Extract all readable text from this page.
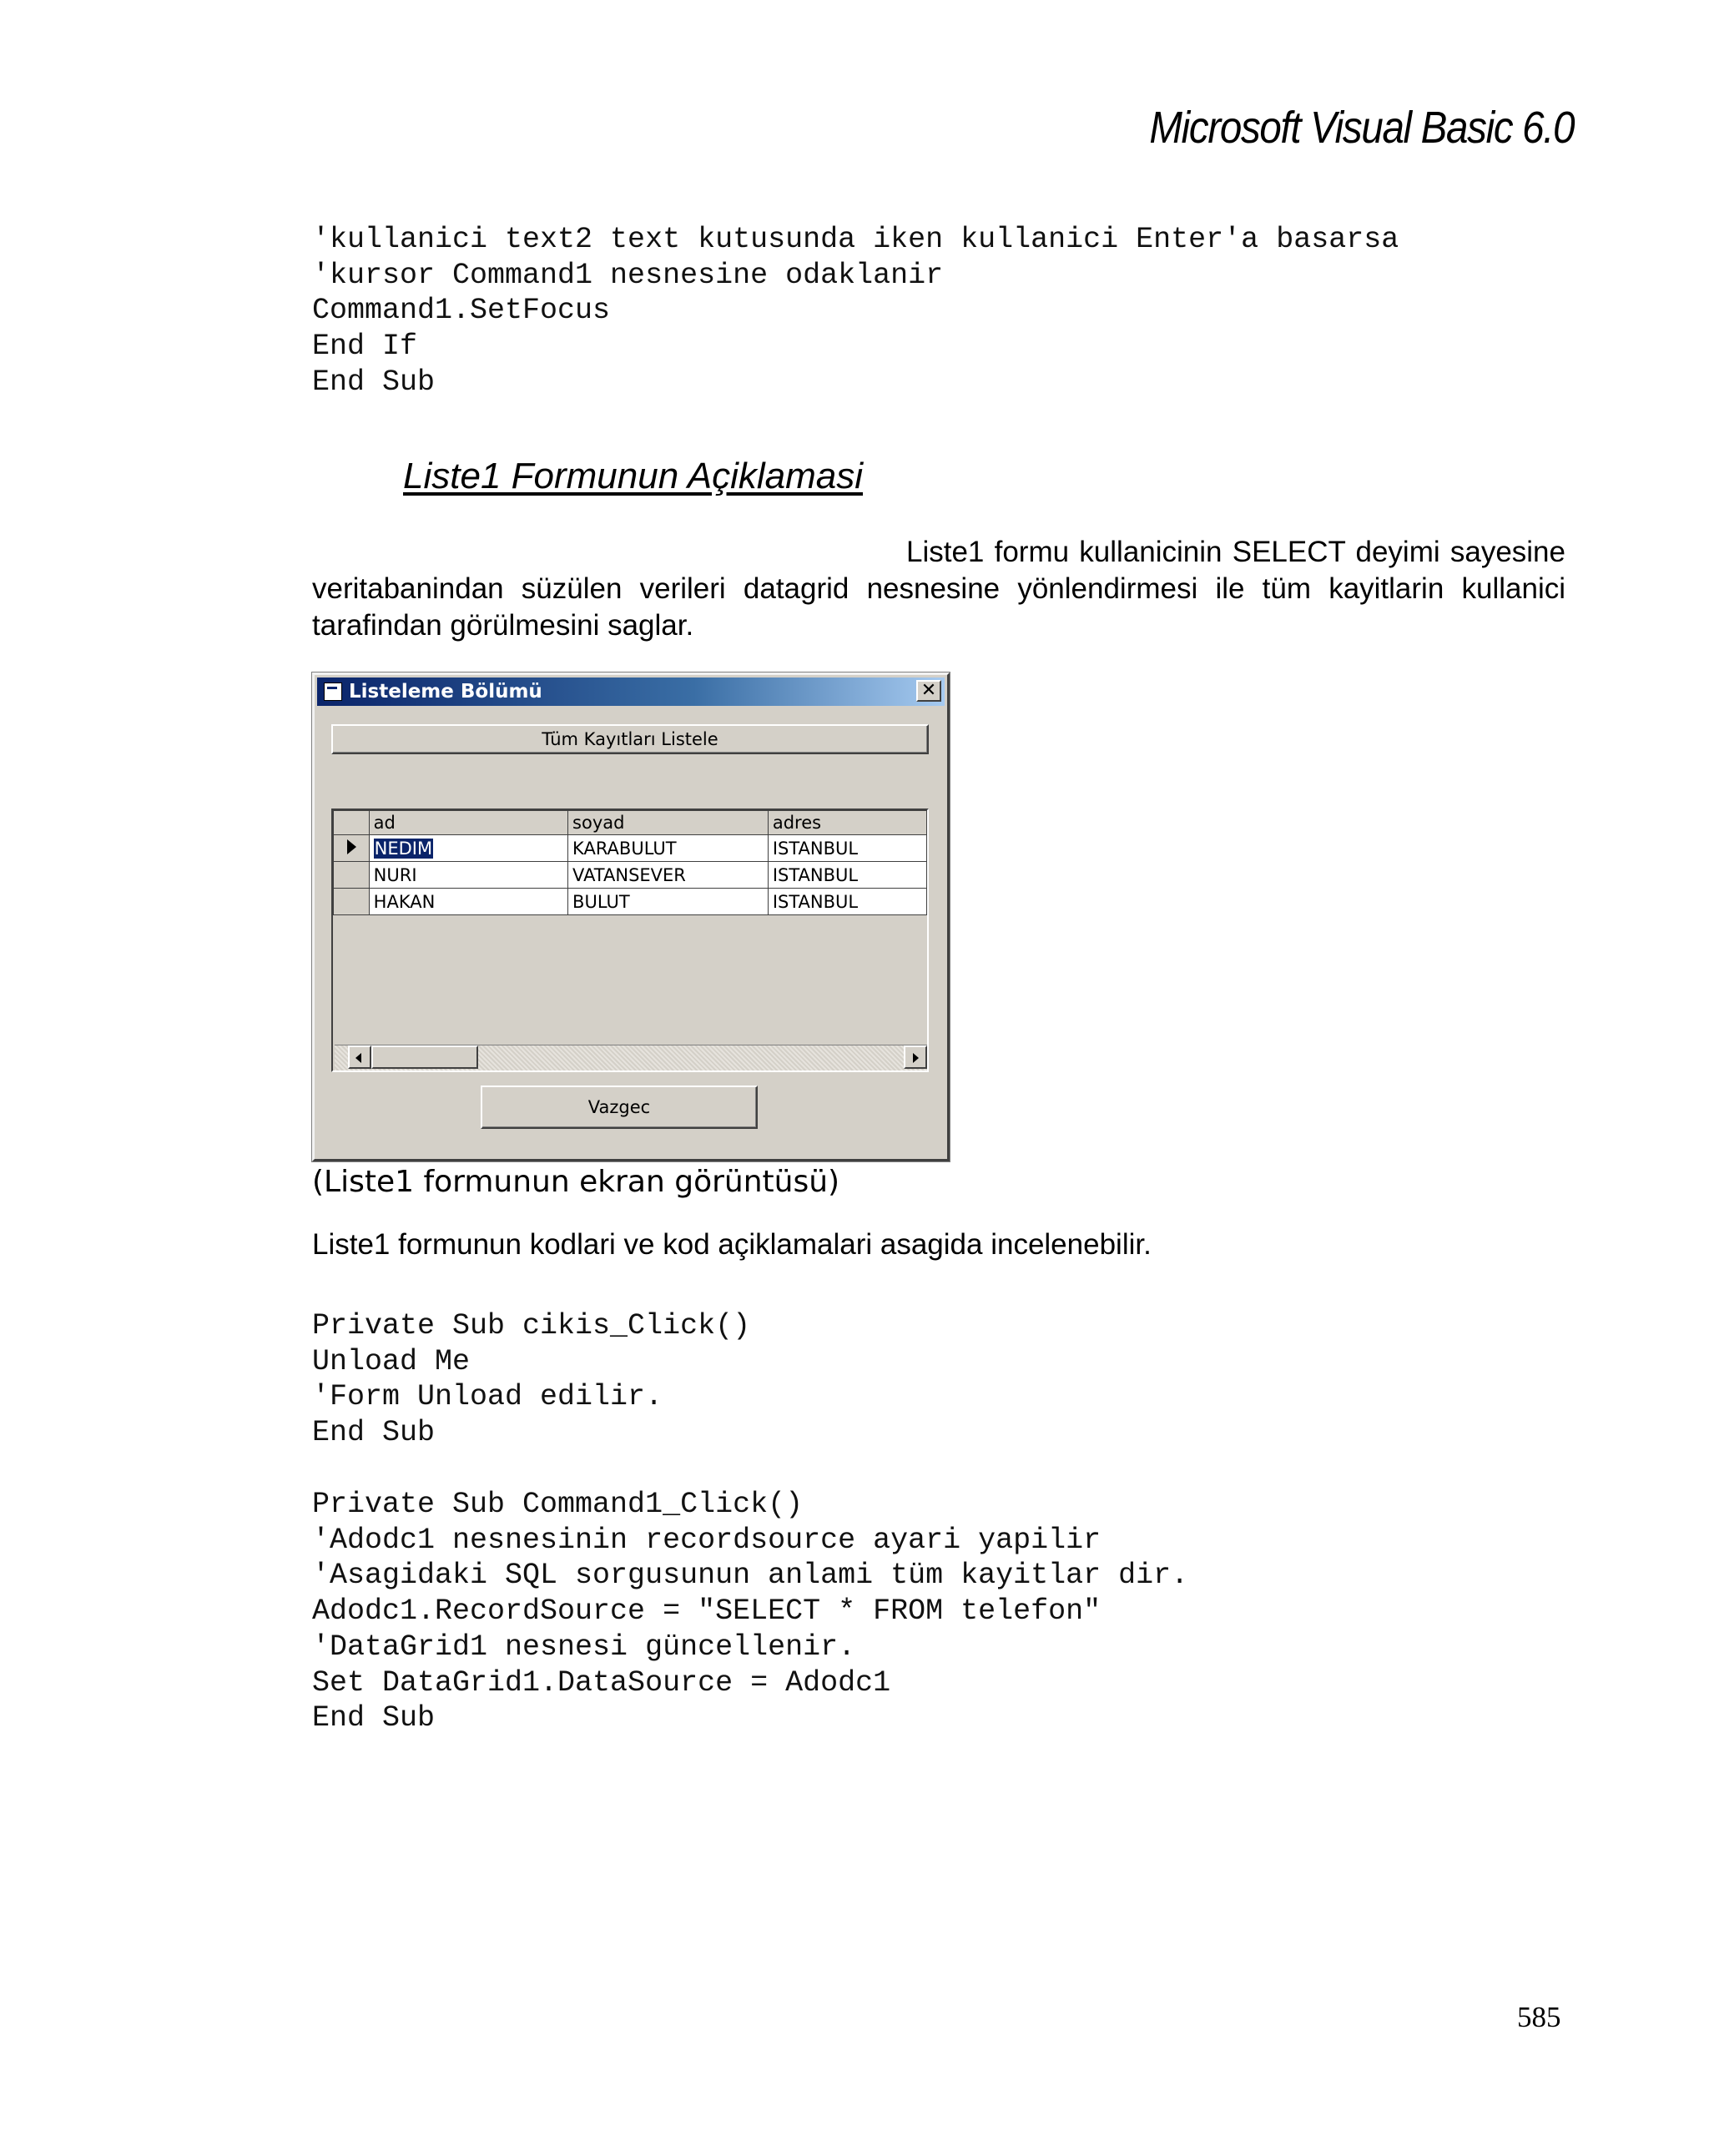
Microsoft Visual Basic 6.0
'kullanici text2 text kutusunda iken kullanici Enter'a basarsa
'kursor Command1 nesnesine odaklanir
Command1.SetFocus
End If
End Sub
Liste1 Formunun Açiklamasi
Liste1 formu kullanicinin SELECT deyimi sayesine veritabanindan süzülen verileri datagrid nesnesine yönlendirmesi ile tüm kayitlarin kullanici tarafindan görülmesini saglar.
Listeleme Bölümü	✕
Tüm Kayıtları Listele
	ad	soyad	adres
	NEDIM	KARABULUT	ISTANBUL
	NURI	VATANSEVER	ISTANBUL
	HAKAN	BULUT	ISTANBUL
Vazgec
(Liste1 formunun ekran görüntüsü)
Liste1 formunun kodlari ve kod açiklamalari asagida incelenebilir.
Private Sub cikis_Click()
Unload Me
'Form Unload edilir.
End Sub
Private Sub Command1_Click()
'Adodc1 nesnesinin recordsource ayari yapilir
'Asagidaki SQL sorgusunun anlami tüm kayitlar dir.
Adodc1.RecordSource = "SELECT * FROM telefon"
'DataGrid1 nesnesi güncellenir.
Set DataGrid1.DataSource = Adodc1
End Sub
585
